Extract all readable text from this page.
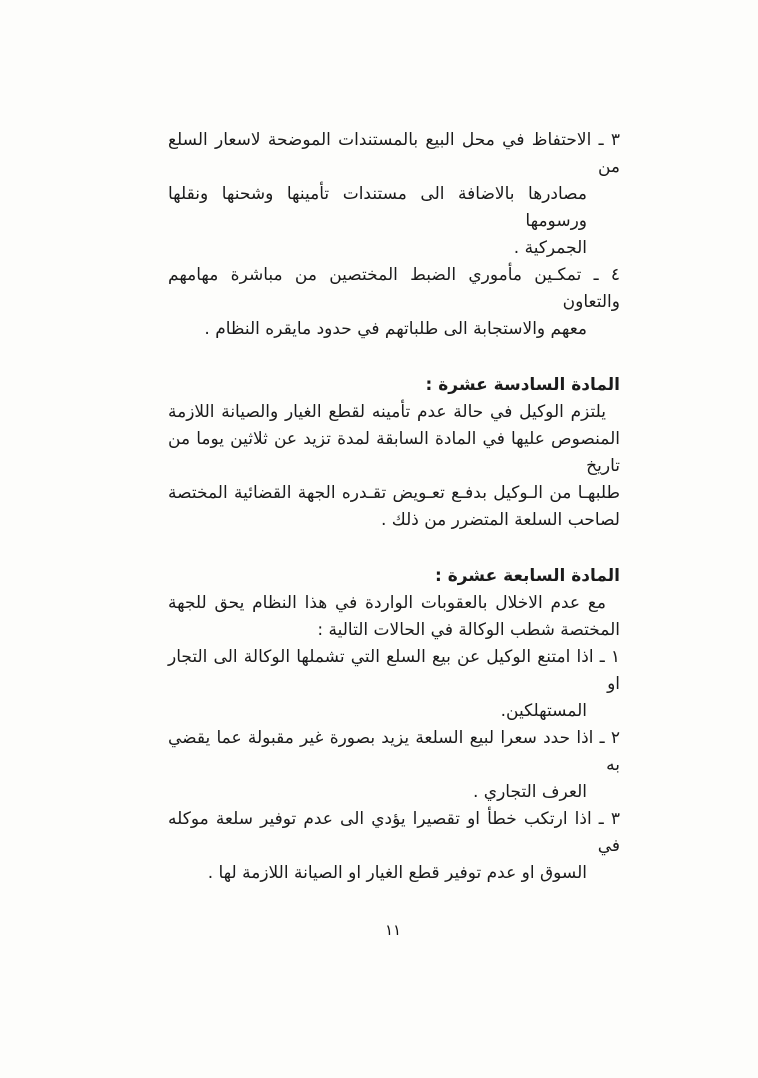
٣ ـ الاحتفاظ في محل البيع بالمستندات الموضحة لاسعار السلع من
مصادرها بالاضافة الى مستندات تأمينها وشحنها ونقلها ورسومها
الجمركية .
٤ ـ تمكـين مأموري الضبط المختصين من مباشرة مهامهم والتعاون
معهم والاستجابة الى طلباتهم في حدود مايقره النظام .
المادة السادسة عشرة :
يلتزم الوكيل في حالة عدم تأمينه لقطع الغيار والصيانة اللازمة
المنصوص عليها في المادة السابقة لمدة تزيد عن ثلاثين يوما من تاريخ
طلبهـا من الـوكيل بدفـع تعـويض تقـدره الجهة القضائية المختصة
لصاحب السلعة المتضرر من ذلك .
المادة السابعة عشرة :
مع عدم الاخلال بالعقوبات الواردة في هذا النظام يحق للجهة
المختصة شطب الوكالة في الحالات التالية :
١ ـ اذا امتنع الوكيل عن بيع السلع التي تشملها الوكالة الى التجار او
المستهلكين.
٢ ـ اذا حدد سعرا لبيع السلعة يزيد بصورة غير مقبولة عما يقضي به
العرف التجاري .
٣ ـ اذا ارتكب خطأ او تقصيرا يؤدي الى عدم توفير سلعة موكله في
السوق او عدم توفير قطع الغيار او الصيانة اللازمة لها .
١١
